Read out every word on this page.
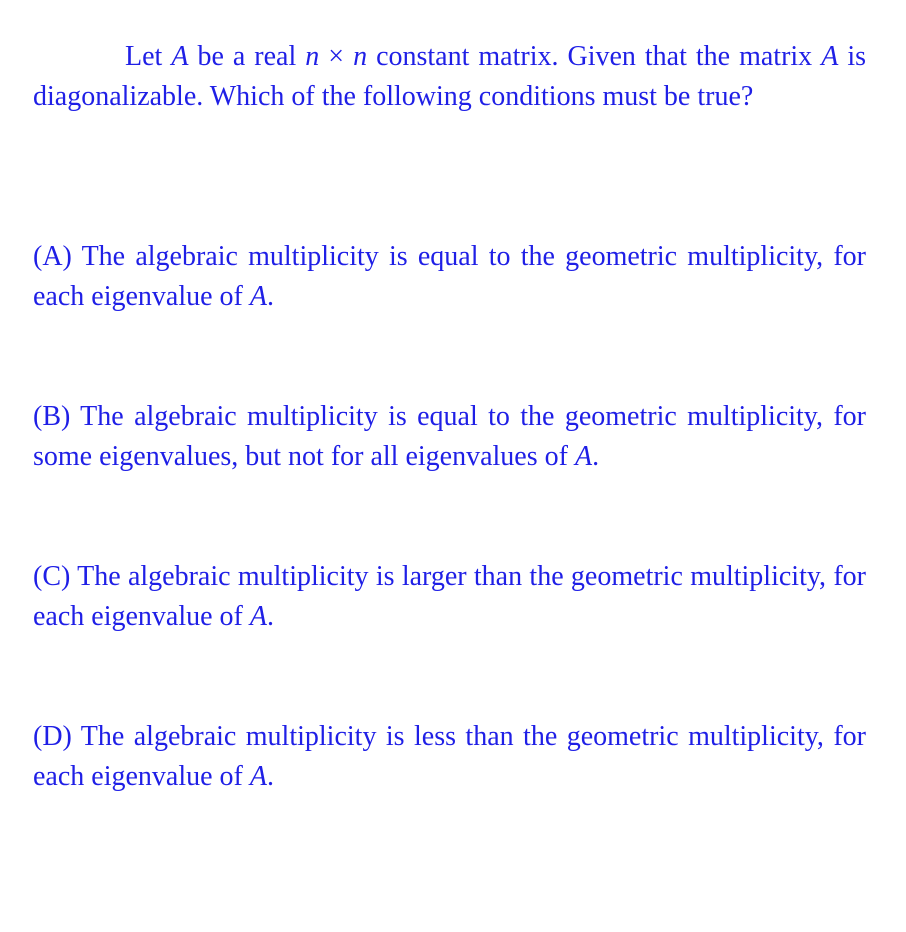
Let A be a real n × n constant matrix. Given that the matrix A is diagonalizable. Which of the following conditions must be true?
(A) The algebraic multiplicity is equal to the geometric multiplicity, for each eigenvalue of A.
(B) The algebraic multiplicity is equal to the geometric multiplicity, for some eigenvalues, but not for all eigenvalues of A.
(C) The algebraic multiplicity is larger than the geometric multiplicity, for each eigenvalue of A.
(D) The algebraic multiplicity is less than the geometric multiplicity, for each eigenvalue of A.
